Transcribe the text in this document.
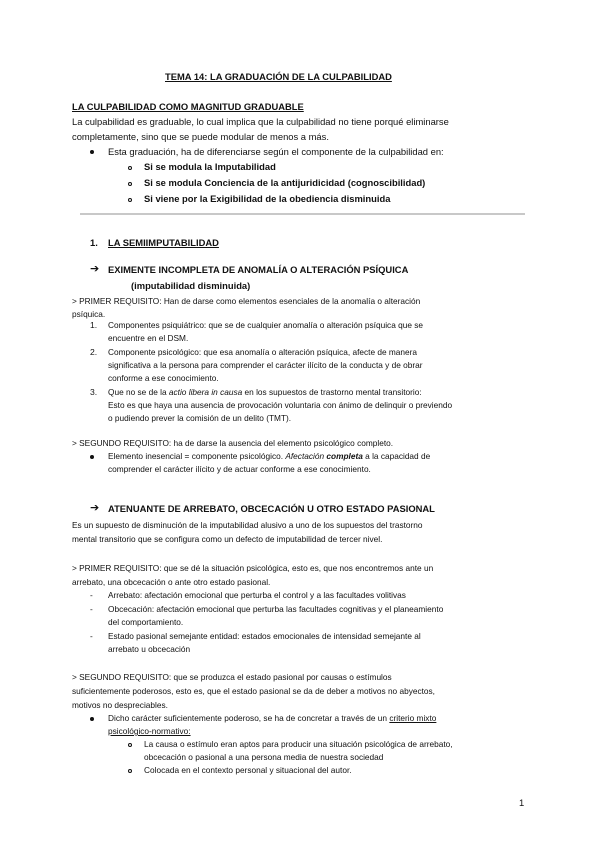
TEMA 14: LA GRADUACIÓN DE LA CULPABILIDAD
LA CULPABILIDAD COMO MAGNITUD GRADUABLE
La culpabilidad es graduable, lo cual implica que la culpabilidad no tiene porqué eliminarse
completamente, sino que se puede modular de menos a más.
Esta graduación, ha de diferenciarse según el componente de la culpabilidad en:
Si se modula la Imputabilidad
Si se modula Conciencia de la antijuridicidad (cognoscibilidad)
Si viene por la Exigibilidad de la obediencia disminuida
1. LA SEMIIMPUTABILIDAD
➔ EXIMENTE INCOMPLETA DE ANOMALÍA O ALTERACIÓN PSÍQUICA
(imputabilidad disminuida)
> PRIMER REQUISITO: Han de darse como elementos esenciales de la anomalía o alteración
psíquica.
1. Componentes psiquiátrico: que se de cualquier anomalía o alteración psíquica que se
encuentre en el DSM.
2. Componente psicológico: que esa anomalía o alteración psíquica, afecte de manera
significativa a la persona para comprender el carácter ilícito de la conducta y de obrar
conforme a ese conocimiento.
3. Que no se de la actio libera in causa en los supuestos de trastorno mental transitorio:
Esto es que haya una ausencia de provocación voluntaria con ánimo de delinquir o previendo
o pudiendo prever la comisión de un delito (TMT).
> SEGUNDO REQUISITO: ha de darse la ausencia del elemento psicológico completo.
Elemento inesencial = componente psicológico. Afectación completa a la capacidad de
comprender el carácter ilícito y de actuar conforme a ese conocimiento.
➔ ATENUANTE DE ARREBATO, OBCECACIÓN U OTRO ESTADO PASIONAL
Es un supuesto de disminución de la imputabilidad alusivo a uno de los supuestos del trastorno
mental transitorio que se configura como un defecto de imputabilidad de tercer nivel.
> PRIMER REQUISITO: que se dé la situación psicológica, esto es, que nos encontremos ante un
arrebato, una obcecación o ante otro estado pasional.
- Arrebato: afectación emocional que perturba el control y a las facultades volitivas
- Obcecación: afectación emocional que perturba las facultades cognitivas y el planeamiento
del comportamiento.
- Estado pasional semejante entidad: estados emocionales de intensidad semejante al
arrebato u obcecación
> SEGUNDO REQUISITO: que se produzca el estado pasional por causas o estímulos
suficientemente poderosos, esto es, que el estado pasional se da de deber a motivos no abyectos,
motivos no despreciables.
Dicho carácter suficientemente poderoso, se ha de concretar a través de un criterio mixto
psicológico-normativo:
La causa o estímulo eran aptos para producir una situación psicológica de arrebato,
obcecación o pasional a una persona media de nuestra sociedad
Colocada en el contexto personal y situacional del autor.
1
